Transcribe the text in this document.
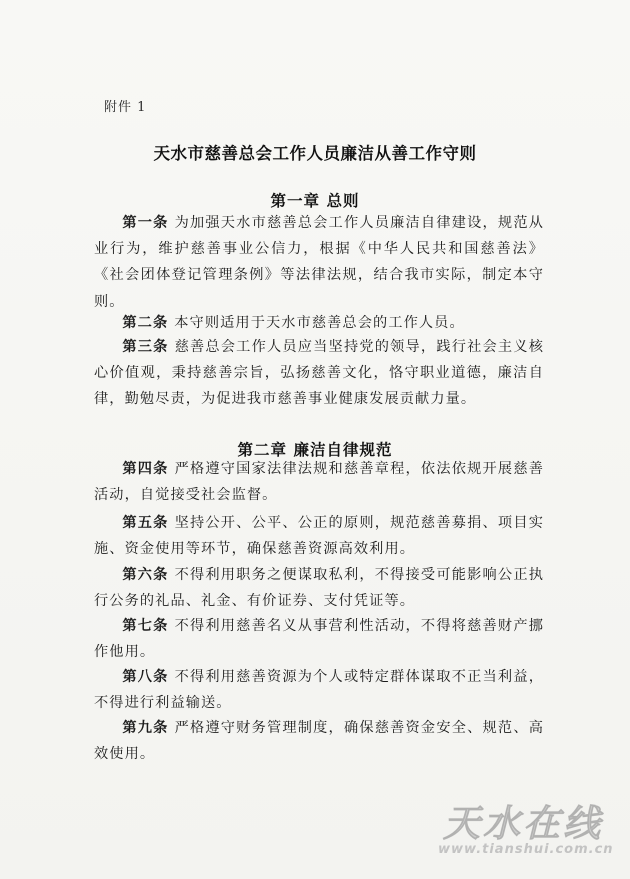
附件 1
天水市慈善总会工作人员廉洁从善工作守则
第一章 总则
第一条 为加强天水市慈善总会工作人员廉洁自律建设，规范从业行为，维护慈善事业公信力，根据《中华人民共和国慈善法》《社会团体登记管理条例》等法律法规，结合我市实际，制定本守则。
第二条 本守则适用于天水市慈善总会的工作人员。
第三条 慈善总会工作人员应当坚持党的领导，践行社会主义核心价值观，秉持慈善宗旨，弘扬慈善文化，恪守职业道德，廉洁自律，勤勉尽责，为促进我市慈善事业健康发展贡献力量。
第二章 廉洁自律规范
第四条 严格遵守国家法律法规和慈善章程，依法依规开展慈善活动，自觉接受社会监督。
第五条 坚持公开、公平、公正的原则，规范慈善募捐、项目实施、资金使用等环节，确保慈善资源高效利用。
第六条 不得利用职务之便谋取私利，不得接受可能影响公正执行公务的礼品、礼金、有价证券、支付凭证等。
第七条 不得利用慈善名义从事营利性活动，不得将慈善财产挪作他用。
第八条 不得利用慈善资源为个人或特定群体谋取不正当利益，不得进行利益输送。
第九条 严格遵守财务管理制度，确保慈善资金安全、规范、高效使用。
天水在线
www.tianshui.com.cn
